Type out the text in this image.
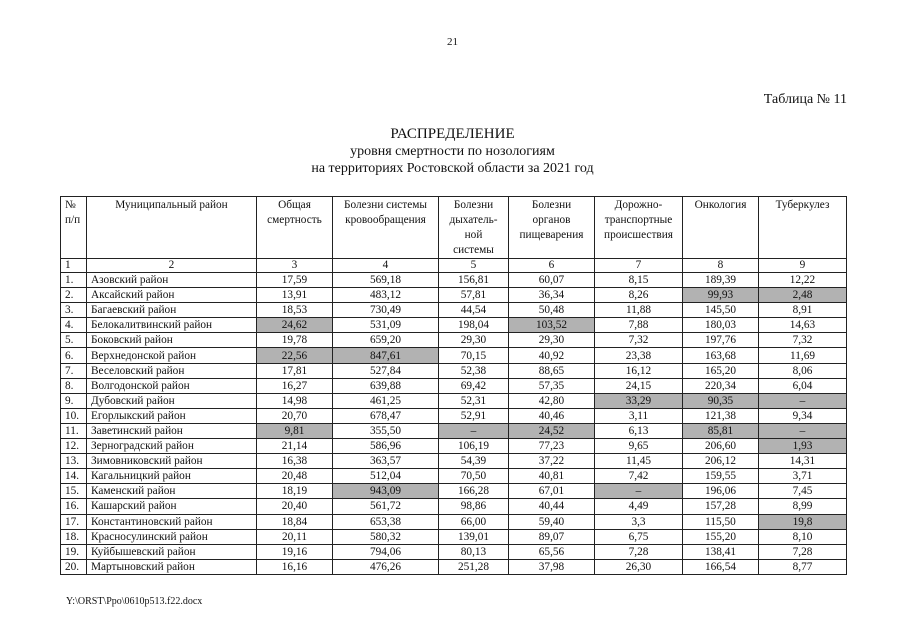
21
Таблица № 11
РАСПРЕДЕЛЕНИЕ
уровня смертности по нозологиям
на территориях Ростовской области за 2021 год
№ п/п	Муниципальный район	Общая смертность	Болезни системы кровообращения	Болезни дыхатель-ной системы	Болезни органов пищеварения	Дорожно-транспортные происшествия	Онкология	Туберкулез
1	2	3	4	5	6	7	8	9
1.	Азовский район	17,59	569,18	156,81	60,07	8,15	189,39	12,22
2.	Аксайский район	13,91	483,12	57,81	36,34	8,26	99,93	2,48
3.	Багаевский район	18,53	730,49	44,54	50,48	11,88	145,50	8,91
4.	Белокалитвинский район	24,62	531,09	198,04	103,52	7,88	180,03	14,63
5.	Боковский район	19,78	659,20	29,30	29,30	7,32	197,76	7,32
6.	Верхнедонской район	22,56	847,61	70,15	40,92	23,38	163,68	11,69
7.	Веселовский район	17,81	527,84	52,38	88,65	16,12	165,20	8,06
8.	Волгодонской район	16,27	639,88	69,42	57,35	24,15	220,34	6,04
9.	Дубовский район	14,98	461,25	52,31	42,80	33,29	90,35	–
10.	Егорлыкский район	20,70	678,47	52,91	40,46	3,11	121,38	9,34
11.	Заветинский район	9,81	355,50	–	24,52	6,13	85,81	–
12.	Зерноградский район	21,14	586,96	106,19	77,23	9,65	206,60	1,93
13.	Зимовниковский район	16,38	363,57	54,39	37,22	11,45	206,12	14,31
14.	Кагальницкий район	20,48	512,04	70,50	40,81	7,42	159,55	3,71
15.	Каменский район	18,19	943,09	166,28	67,01	–	196,06	7,45
16.	Кашарский район	20,40	561,72	98,86	40,44	4,49	157,28	8,99
17.	Константиновский район	18,84	653,38	66,00	59,40	3,3	115,50	19,8
18.	Красносулинский район	20,11	580,32	139,01	89,07	6,75	155,20	8,10
19.	Куйбышевский район	19,16	794,06	80,13	65,56	7,28	138,41	7,28
20.	Мартыновский район	16,16	476,26	251,28	37,98	26,30	166,54	8,77
Y:\ORST\Ppo\0610p513.f22.docx
